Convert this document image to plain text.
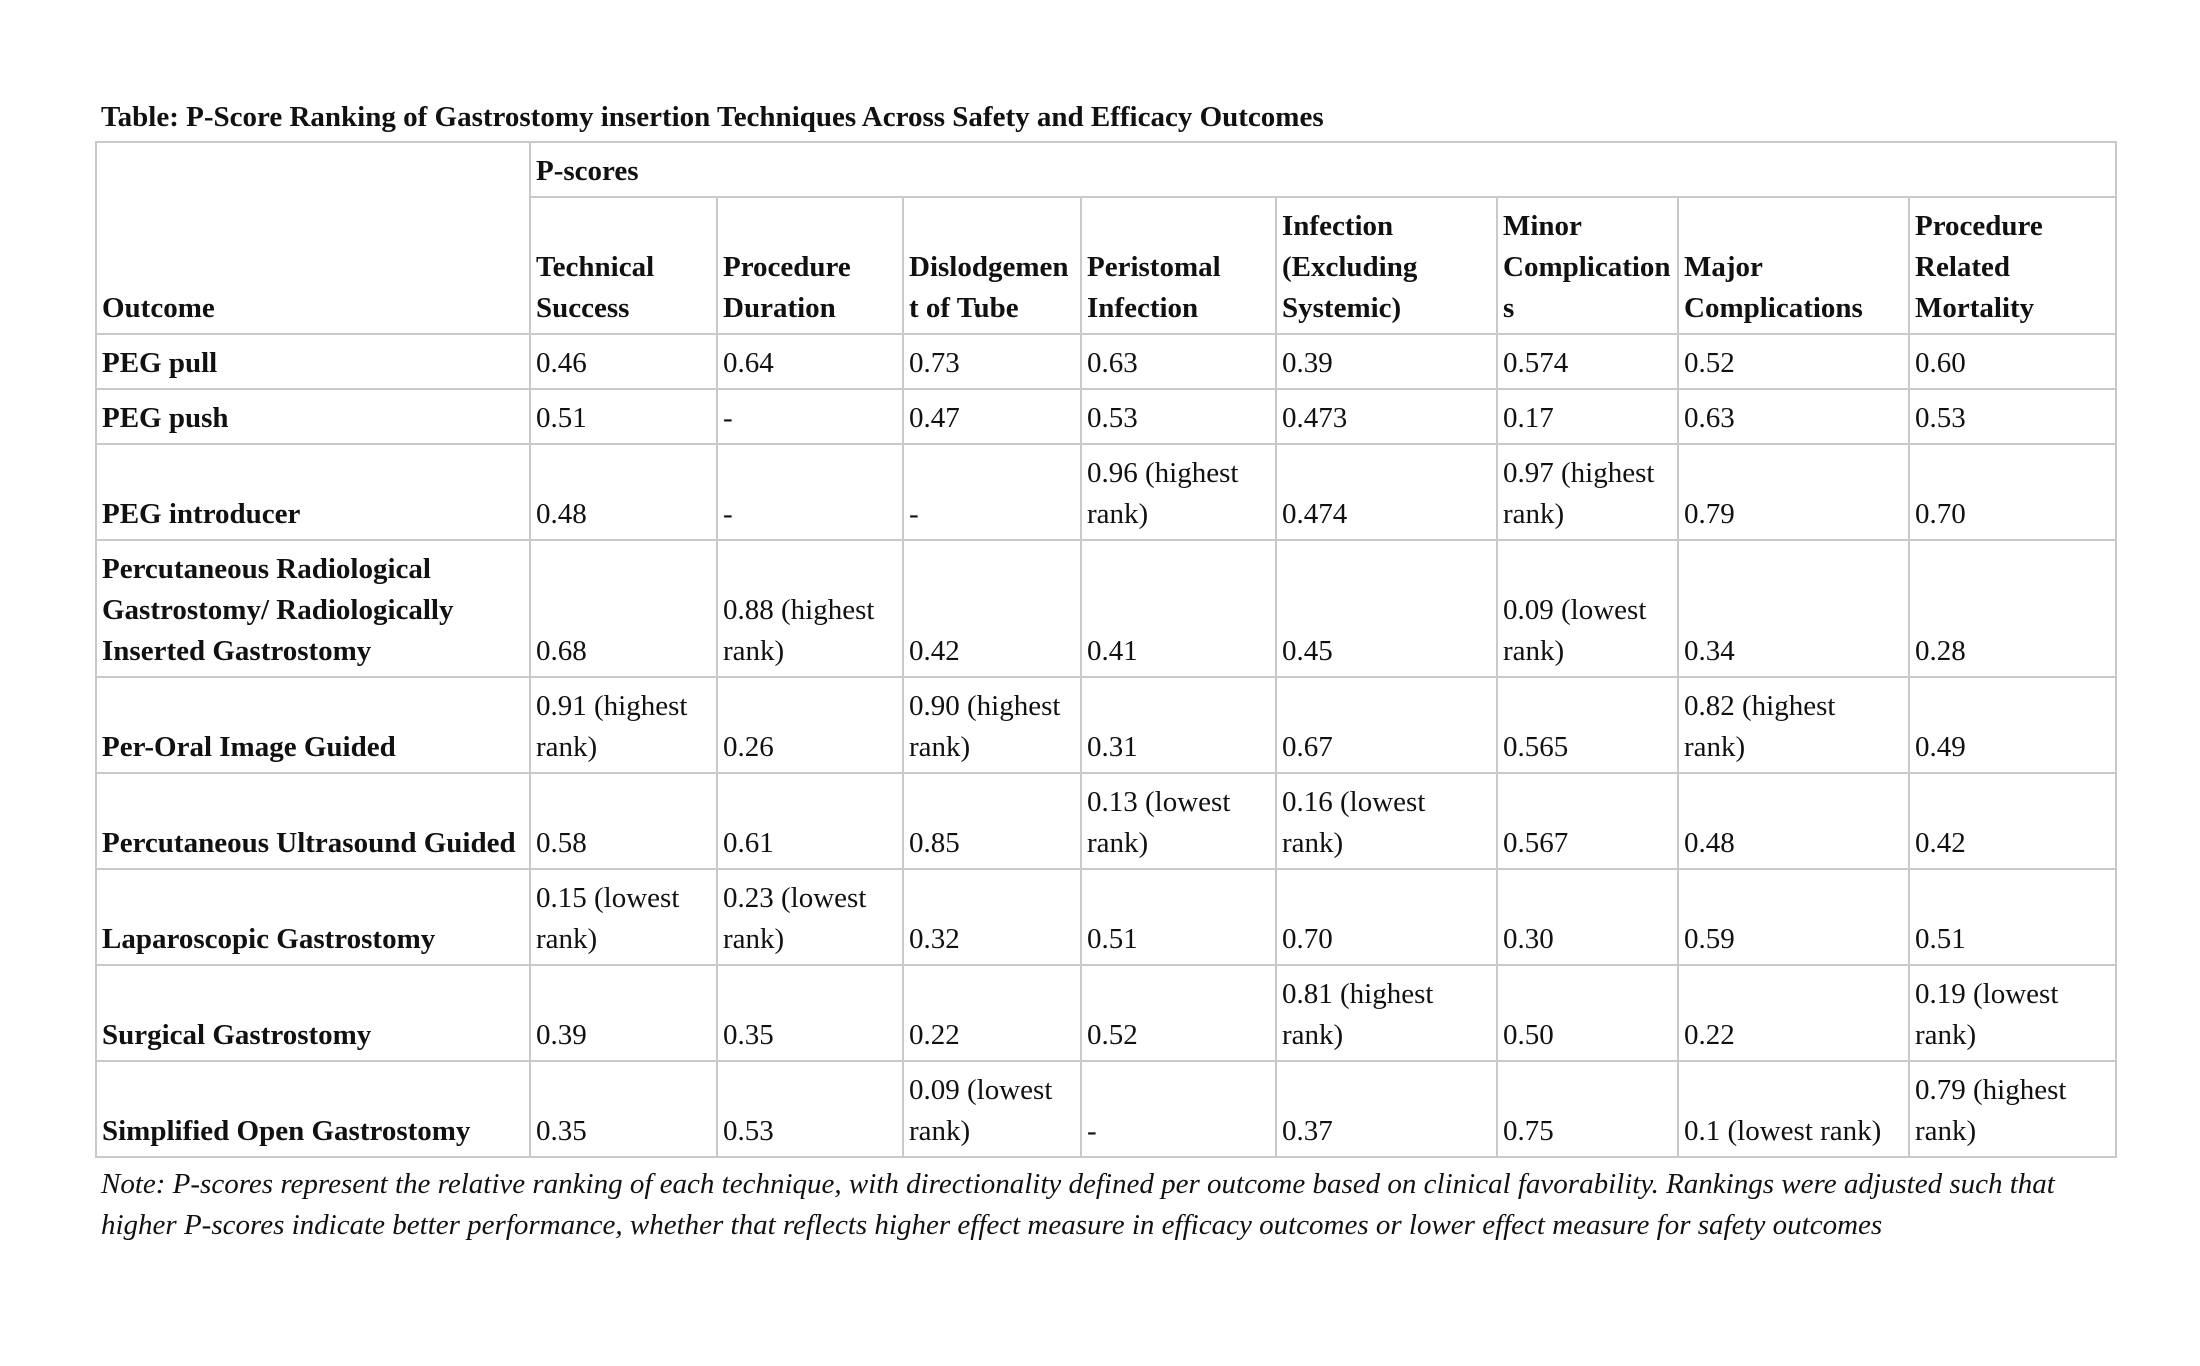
Table: P-Score Ranking of Gastrostomy insertion Techniques Across Safety and Efficacy Outcomes
Outcome	P-scores							
	Technical Success	Procedure Duration	Dislodgement of Tube	Peristomal Infection	Infection (Excluding Systemic)	Minor Complications	Major Complications	Procedure Related Mortality
PEG pull	0.46	0.64	0.73	0.63	0.39	0.574	0.52	0.60
PEG push	0.51	-	0.47	0.53	0.473	0.17	0.63	0.53
PEG introducer	0.48	-	-	0.96 (highest rank)	0.474	0.97 (highest rank)	0.79	0.70
Percutaneous Radiological Gastrostomy/ Radiologically Inserted Gastrostomy	0.68	0.88 (highest rank)	0.42	0.41	0.45	0.09 (lowest rank)	0.34	0.28
Per-Oral Image Guided	0.91 (highest rank)	0.26	0.90 (highest rank)	0.31	0.67	0.565	0.82 (highest rank)	0.49
Percutaneous Ultrasound Guided	0.58	0.61	0.85	0.13 (lowest rank)	0.16 (lowest rank)	0.567	0.48	0.42
Laparoscopic Gastrostomy	0.15 (lowest rank)	0.23 (lowest rank)	0.32	0.51	0.70	0.30	0.59	0.51
Surgical Gastrostomy	0.39	0.35	0.22	0.52	0.81 (highest rank)	0.50	0.22	0.19 (lowest rank)
Simplified Open Gastrostomy	0.35	0.53	0.09 (lowest rank)	-	0.37	0.75	0.1 (lowest rank)	0.79 (highest rank)
Note: P-scores represent the relative ranking of each technique, with directionality defined per outcome based on clinical favorability. Rankings were adjusted such that higher P-scores indicate better performance, whether that reflects higher effect measure in efficacy outcomes or lower effect measure for safety outcomes
